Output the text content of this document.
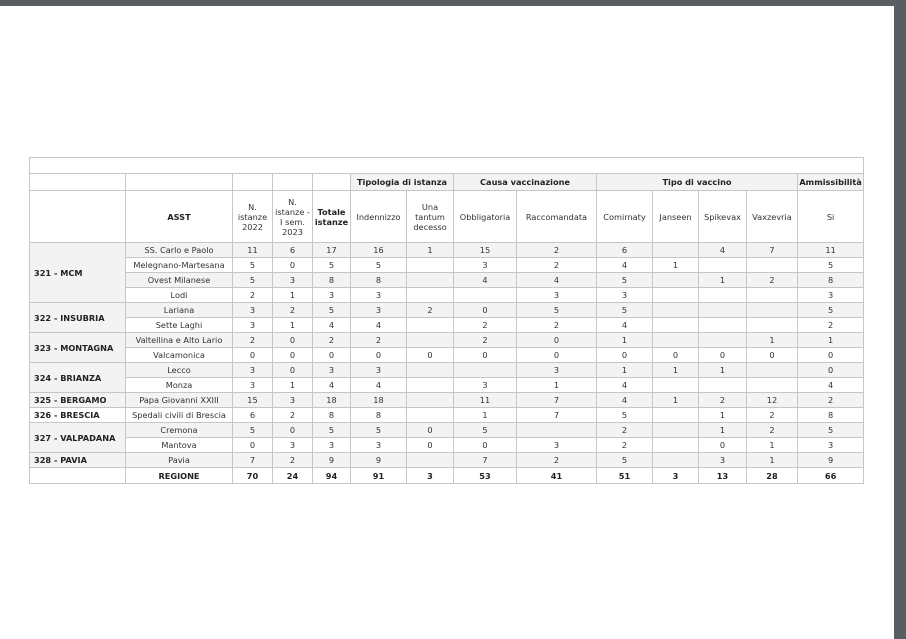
					Tipologia di istanza		Causa vaccinazione		Tipo di vaccino				Ammissibilità
	ASST	N. istanze 2022	N. istanze - I sem. 2023	Totale istanze	Indennizzo	Una tantum decesso	Obbligatoria	Raccomandata	Comirnaty	Janseen	Spikevax	Vaxzevria	Si
321 - MCM	SS. Carlo e Paolo	11	6	17	16	1	15	2	6		4	7	11
	Melegnano-Martesana	5	0	5	5		3	2	4	1			5
	Ovest Milanese	5	3	8	8		4	4	5		1	2	8
	Lodi	2	1	3	3			3	3				3
322 - INSUBRIA	Lariana	3	2	5	3	2	0	5	5				5
	Sette Laghi	3	1	4	4		2	2	4				2
323 - MONTAGNA	Valtellina e Alto Lario	2	0	2	2		2	0	1			1	1
	Valcamonica	0	0	0	0	0	0	0	0	0	0	0	0
324 - BRIANZA	Lecco	3	0	3	3			3	1	1	1		0
	Monza	3	1	4	4		3	1	4				4
325 - BERGAMO	Papa Giovanni XXIII	15	3	18	18		11	7	4	1	2	12	2
326 - BRESCIA	Spedali civili di Brescia	6	2	8	8		1	7	5		1	2	8
327 - VALPADANA	Cremona	5	0	5	5	0	5		2		1	2	5
	Mantova	0	3	3	3	0	0	3	2		0	1	3
328 - PAVIA	Pavia	7	2	9	9		7	2	5		3	1	9
	REGIONE	70	24	94	91	3	53	41	51	3	13	28	66
